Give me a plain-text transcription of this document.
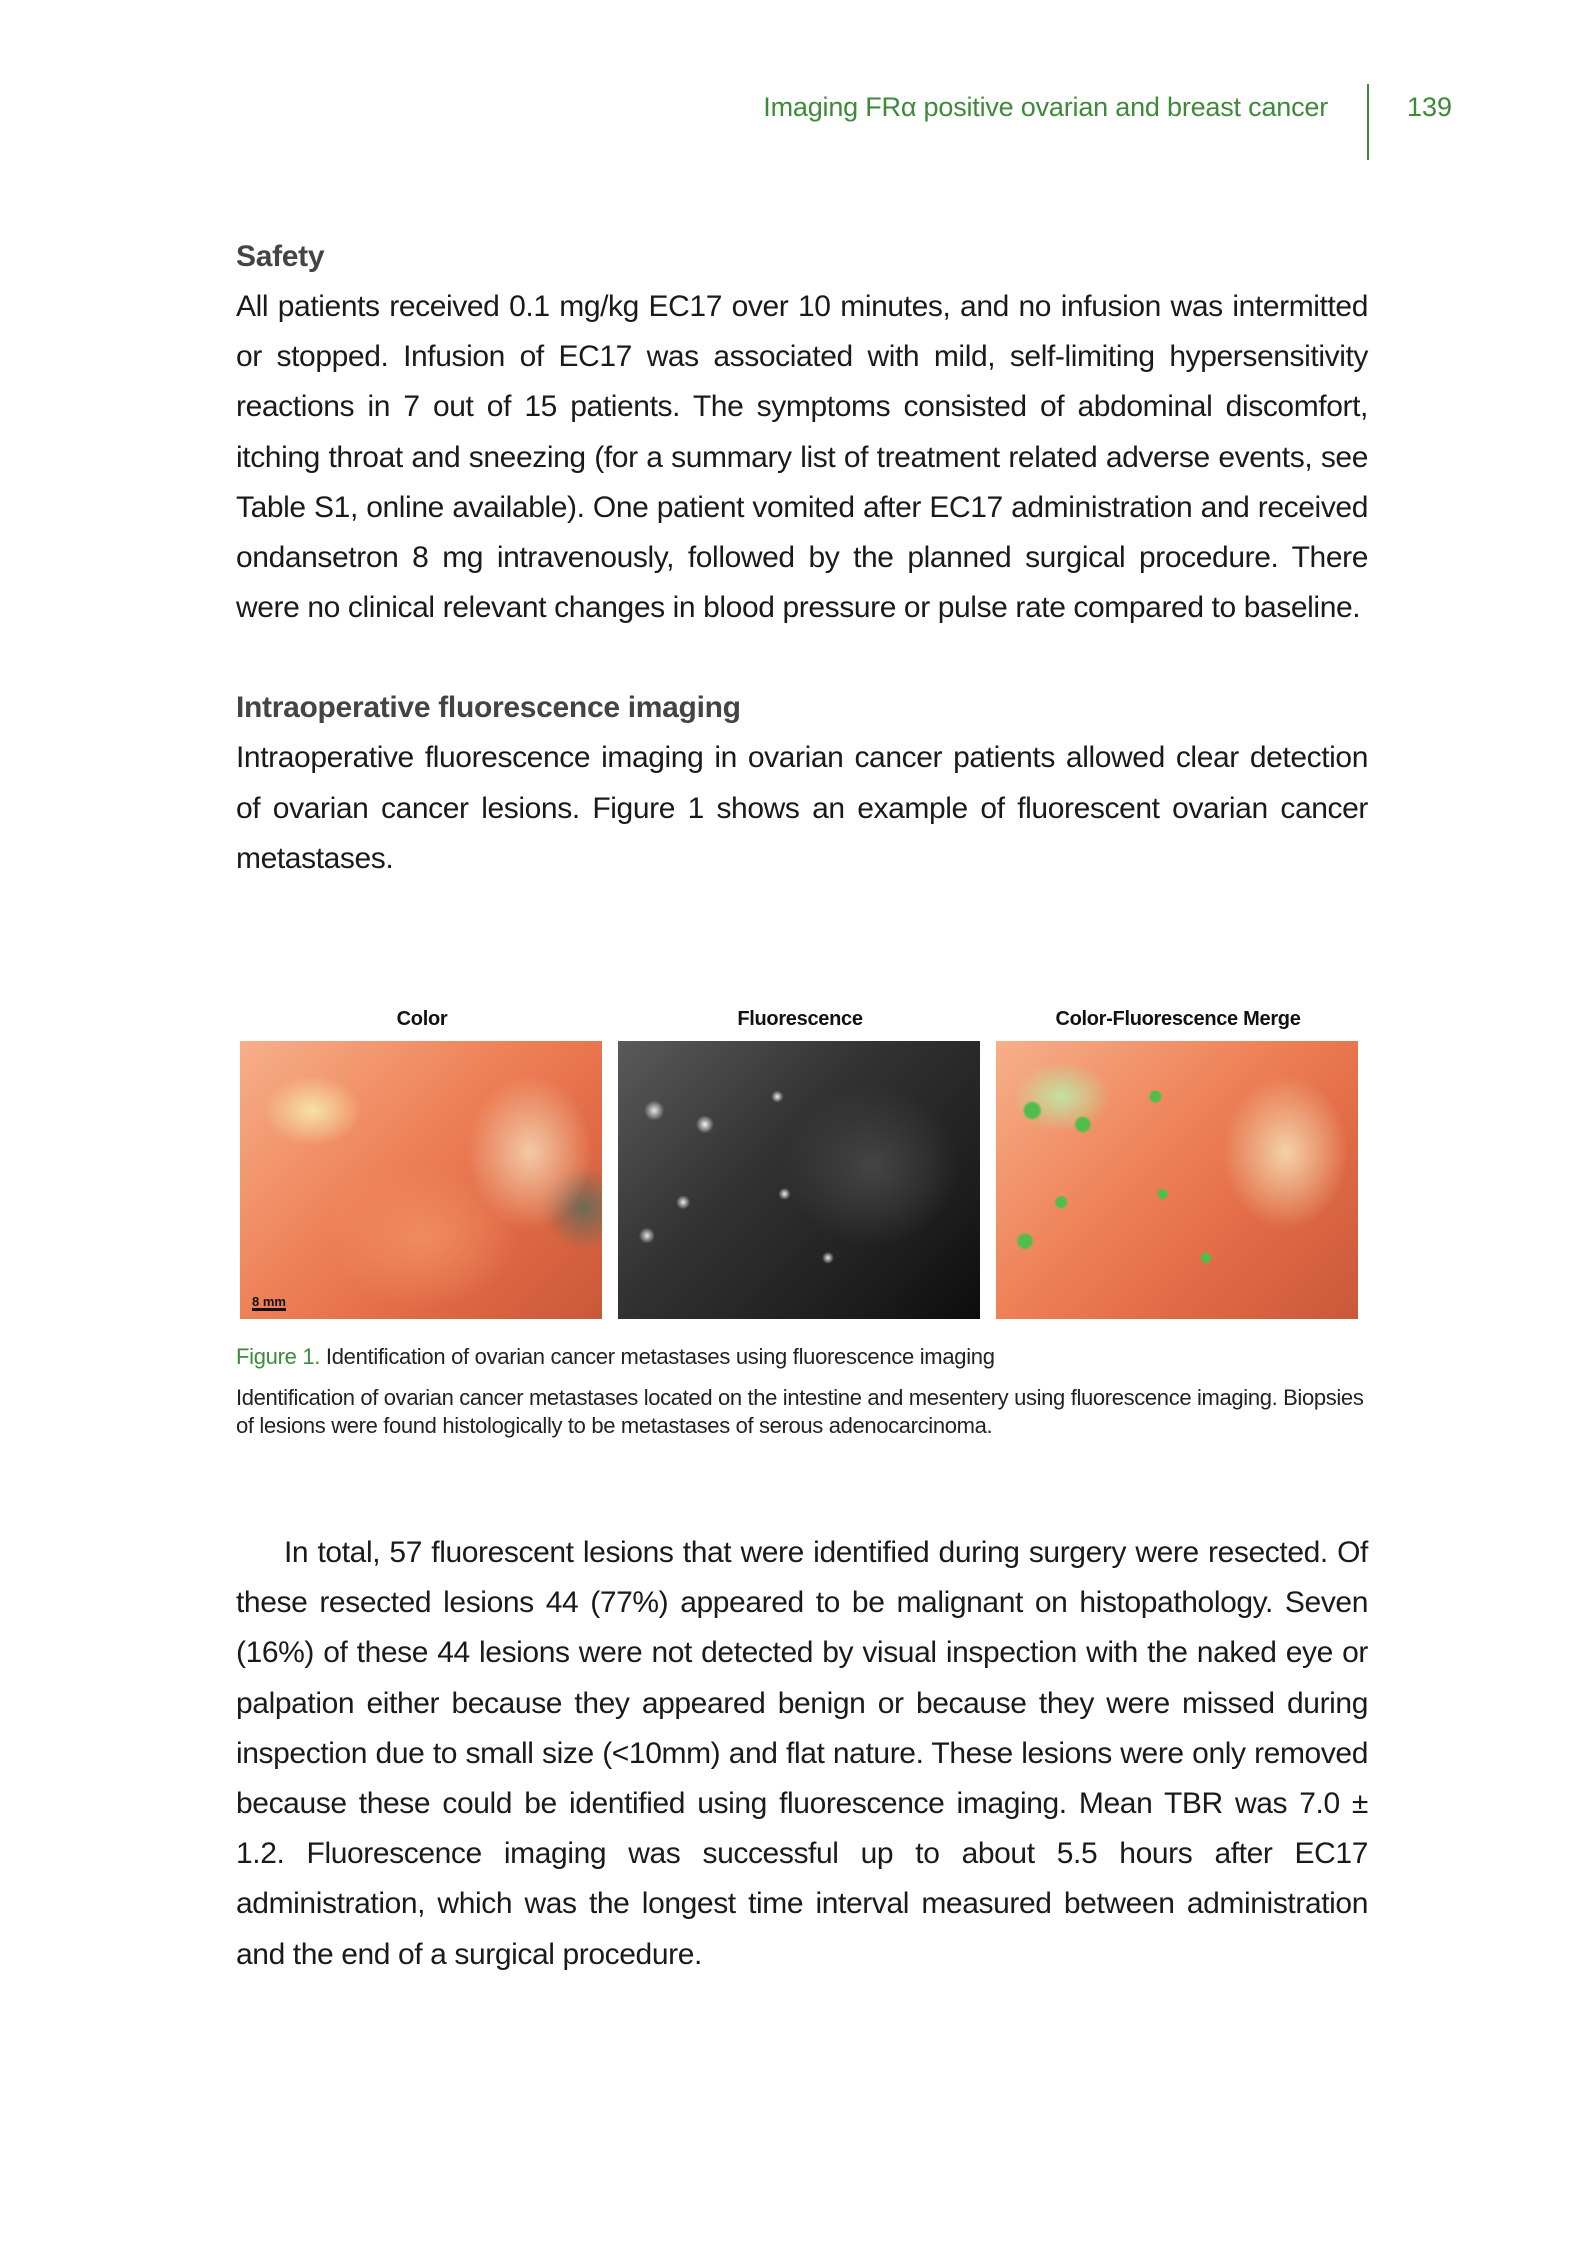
Imaging FRα positive ovarian and breast cancer	139
Safety

All patients received 0.1 mg/kg EC17 over 10 minutes, and no infusion was intermitted or stopped. Infusion of EC17 was associated with mild, self-limiting hypersensitivity reactions in 7 out of 15 patients. The symptoms consisted of abdominal discomfort, itching throat and sneezing (for a summary list of treatment related adverse events, see Table S1, online available). One patient vomited after EC17 administration and received ondansetron 8 mg intravenously, followed by the planned surgical procedure. There were no clinical relevant changes in blood pressure or pulse rate compared to baseline.

Intraoperative fluorescence imaging

Intraoperative fluorescence imaging in ovarian cancer patients allowed clear detection of ovarian cancer lesions. Figure 1 shows an example of fluorescent ovarian cancer metastases.

Color
8 mm
Fluorescence	Color-Fluorescence Merge
Figure 1. Identification of ovarian cancer metastases using fluorescence imaging
Identification of ovarian cancer metastases located on the intestine and mesentery using fluorescence imaging. Biopsies of lesions were found histologically to be metastases of serous adenocarcinoma.

In total, 57 fluorescent lesions that were identified during surgery were resected. Of these resected lesions 44 (77%) appeared to be malignant on histopathology. Seven (16%) of these 44 lesions were not detected by visual inspection with the naked eye or palpation either because they appeared benign or because they were missed during inspection due to small size (<10mm) and flat nature. These lesions were only removed because these could be identified using fluorescence imaging. Mean TBR was 7.0 ± 1.2. Fluorescence imaging was successful up to about 5.5 hours after EC17 administration, which was the longest time interval measured between administration and the end of a surgical procedure.
